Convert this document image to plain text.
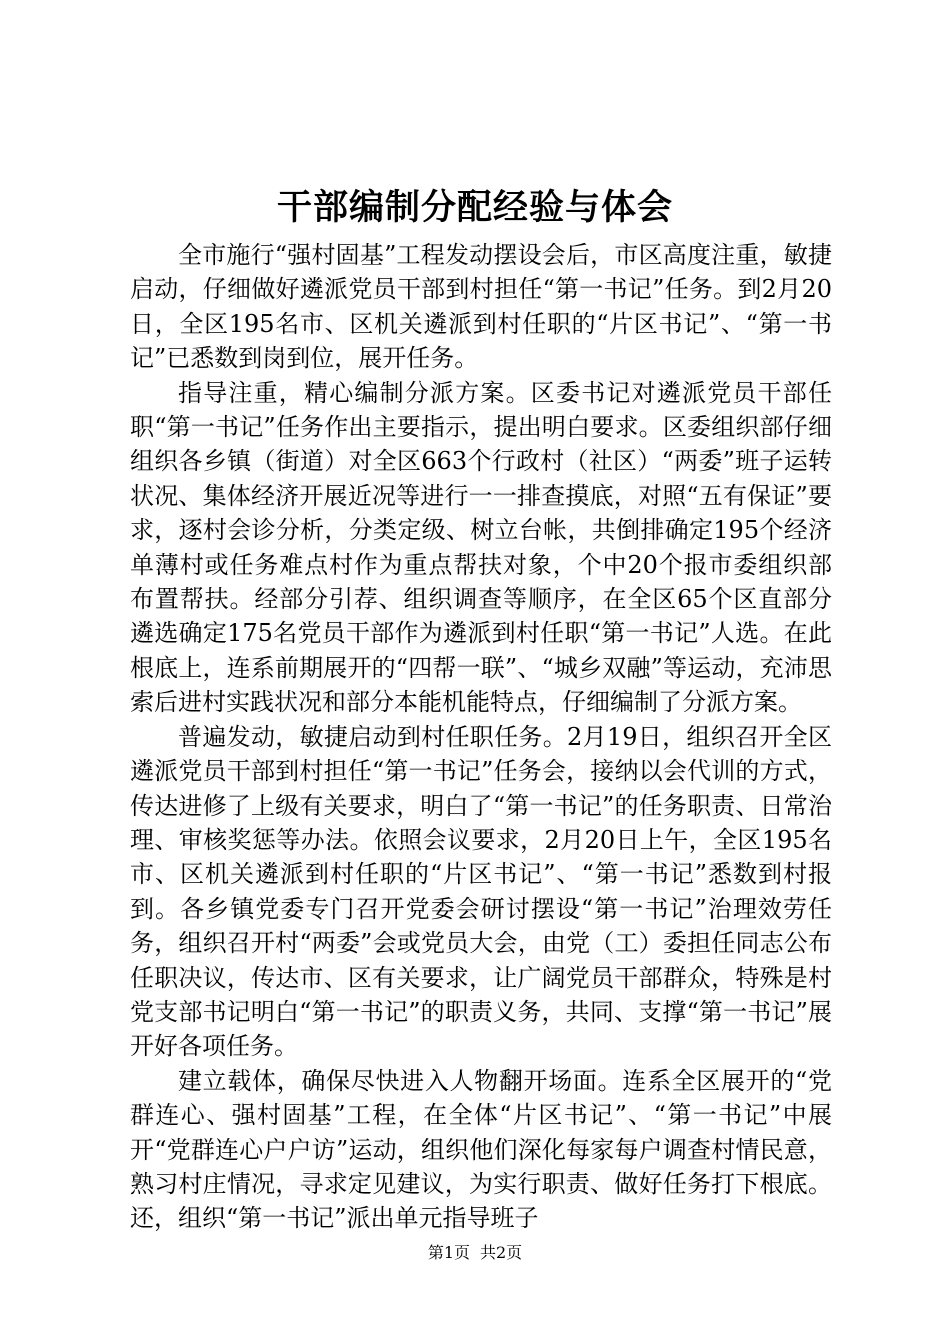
干部编制分配经验与体会

全市施行“强村固基”工程发动摆设会后，市区高度注重，敏捷启动，仔细做好遴派党员干部到村担任“第一书记”任务。到2月20日，全区195名市、区机关遴派到村任职的“片区书记”、“第一书记”已悉数到岗到位，展开任务。

指导注重，精心编制分派方案。区委书记对遴派党员干部任职“第一书记”任务作出主要指示，提出明白要求。区委组织部仔细组织各乡镇（街道）对全区663个行政村（社区）“两委”班子运转状况、集体经济开展近况等进行一一排查摸底，对照“五有保证”要求，逐村会诊分析，分类定级、树立台帐，共倒排确定195个经济单薄村或任务难点村作为重点帮扶对象，个中20个报市委组织部布置帮扶。经部分引荐、组织调查等顺序，在全区65个区直部分遴选确定175名党员干部作为遴派到村任职“第一书记”人选。在此根底上，连系前期展开的“四帮一联”、“城乡双融”等运动，充沛思索后进村实践状况和部分本能机能特点，仔细编制了分派方案。

普遍发动，敏捷启动到村任职任务。2月19日，组织召开全区遴派党员干部到村担任“第一书记”任务会，接纳以会代训的方式，传达进修了上级有关要求，明白了“第一书记”的任务职责、日常治理、审核奖惩等办法。依照会议要求，2月20日上午，全区195名市、区机关遴派到村任职的“片区书记”、“第一书记”悉数到村报到。各乡镇党委专门召开党委会研讨摆设“第一书记”治理效劳任务，组织召开村“两委”会或党员大会，由党（工）委担任同志公布任职决议，传达市、区有关要求，让广阔党员干部群众，特殊是村党支部书记明白“第一书记”的职责义务，共同、支撑“第一书记”展开好各项任务。

建立载体，确保尽快进入人物翻开场面。连系全区展开的“党群连心、强村固基”工程，在全体“片区书记”、“第一书记”中展开“党群连心户户访”运动，组织他们深化每家每户调查村情民意，熟习村庄情况，寻求定见建议，为实行职责、做好任务打下根底。还，组织“第一书记”派出单元指导班子

第1页 共2页
